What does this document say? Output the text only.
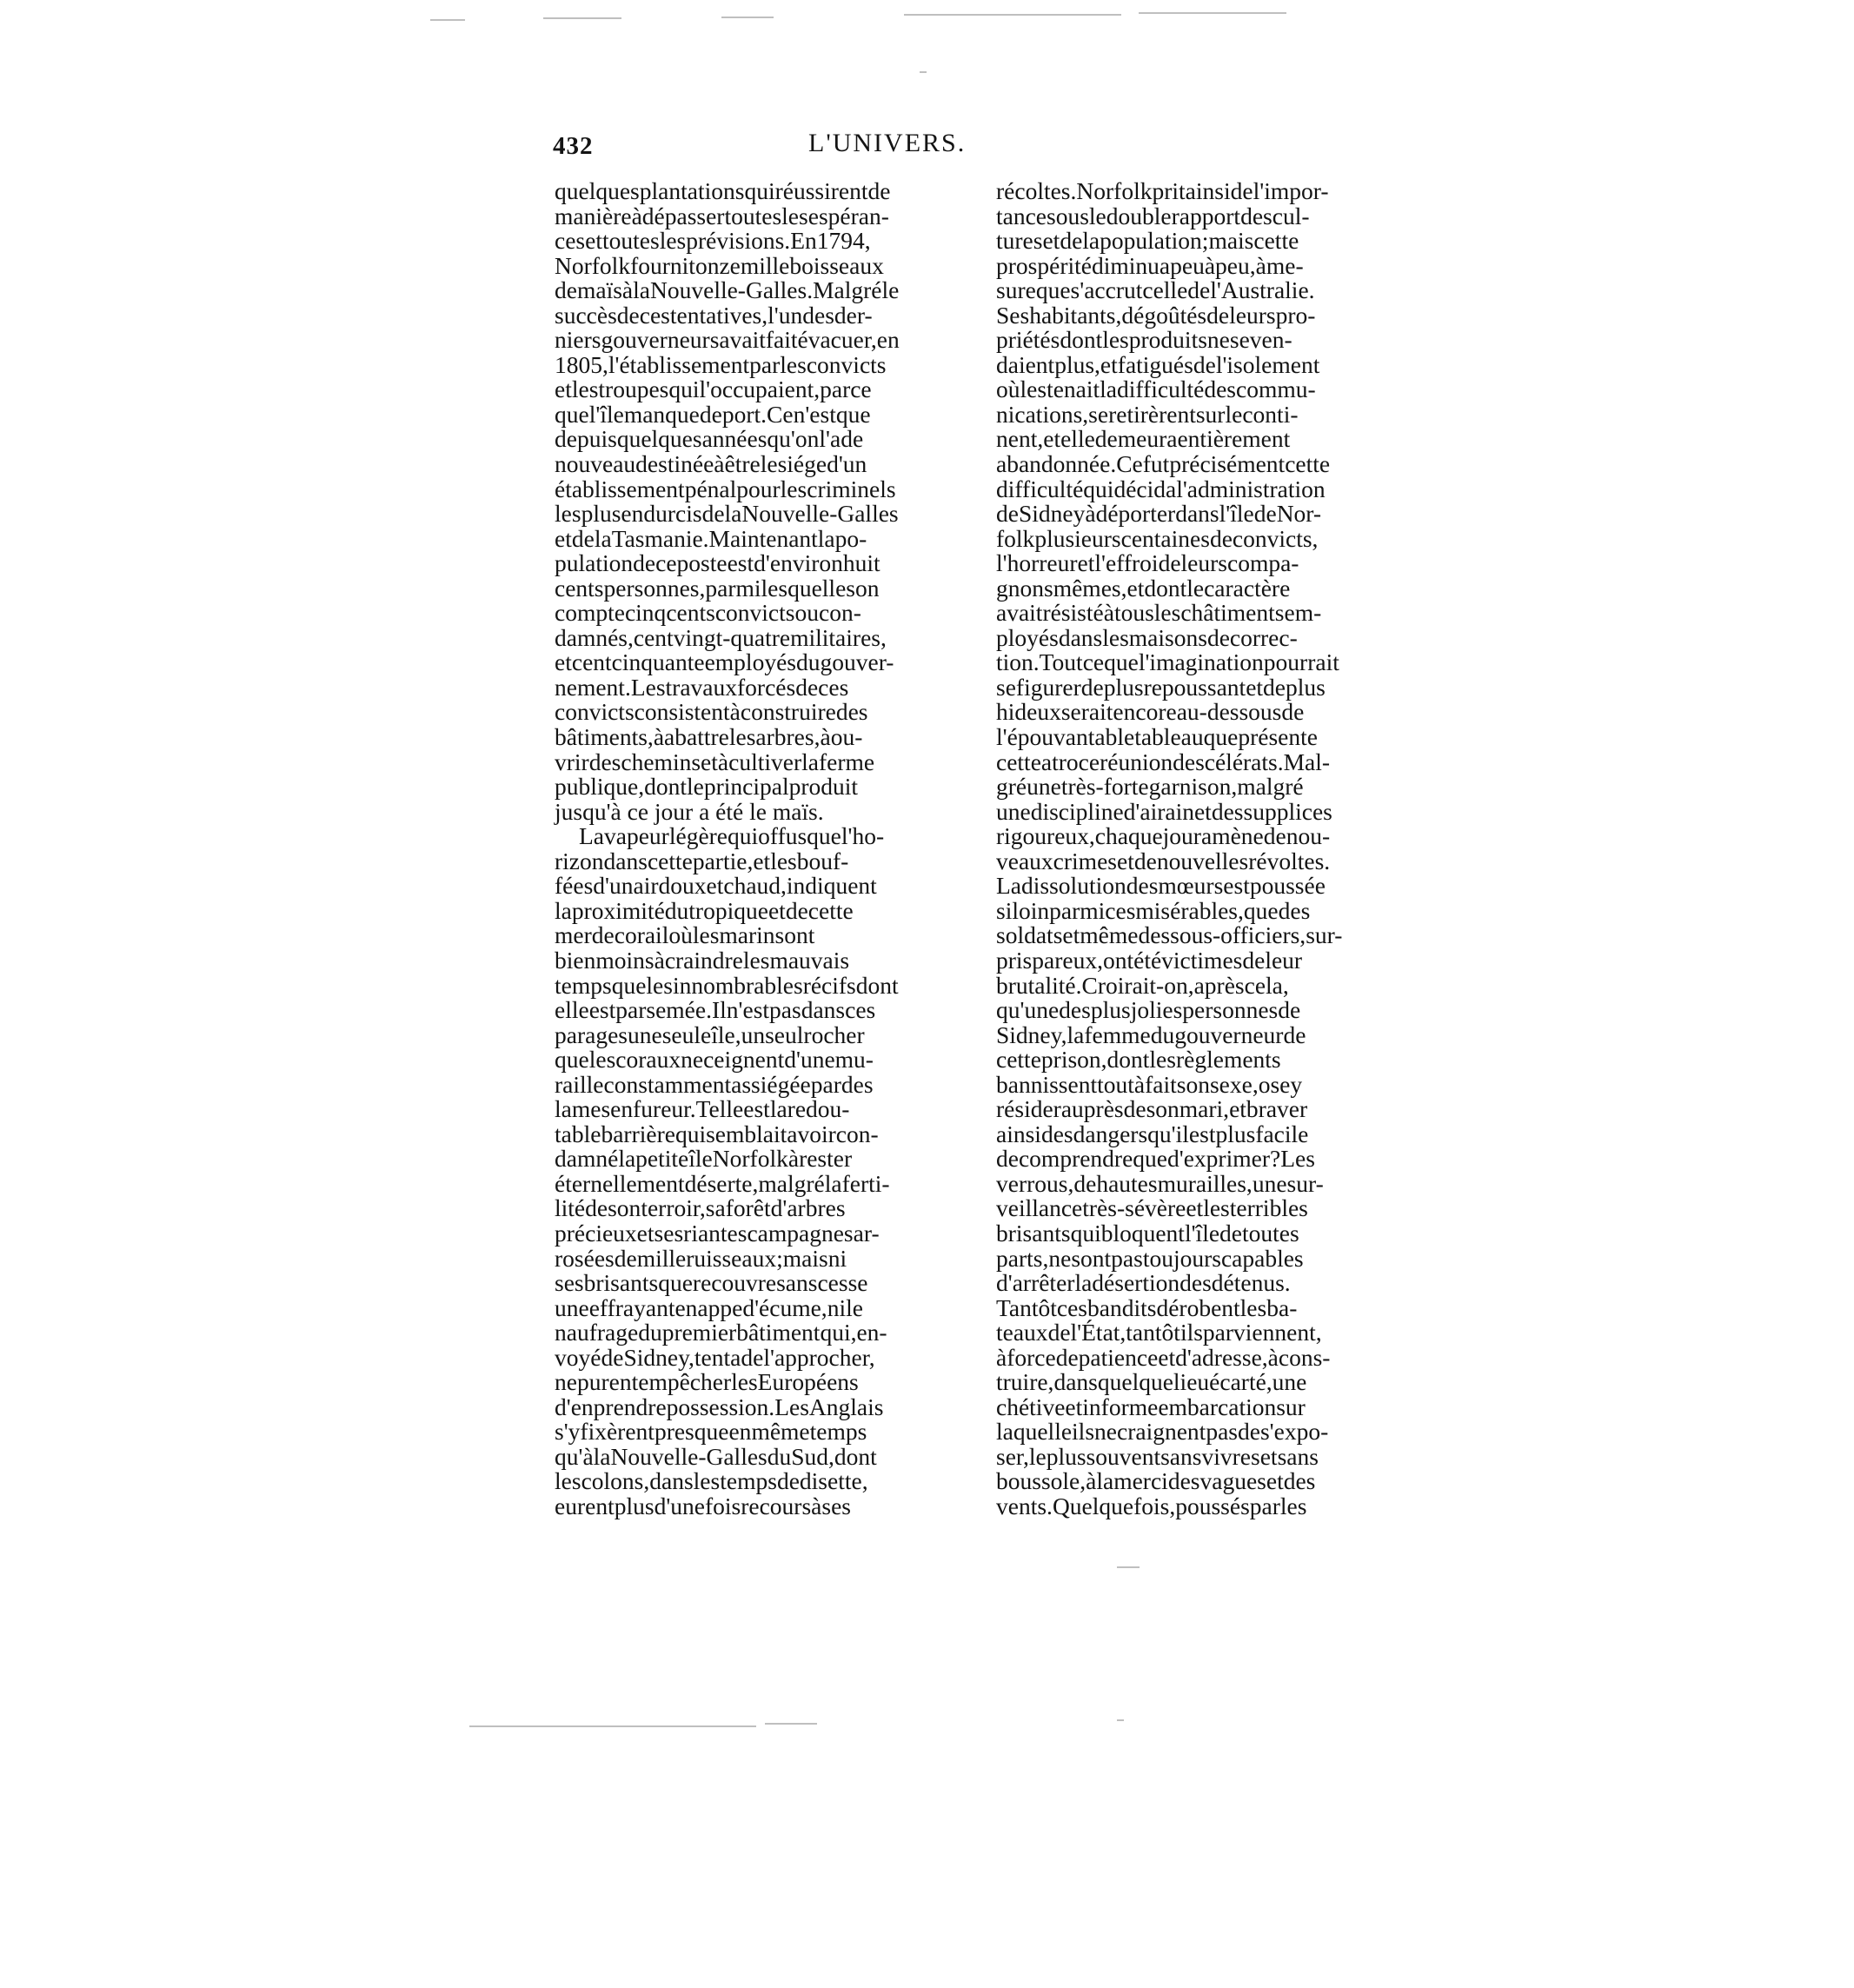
432	L'UNIVERS.
quelquesplantationsquiréussirentde
manièreàdépassertouteslesespéran-
cesettouteslesprévisions.En1794,
Norfolkfournitonzemilleboisseaux
demaïsàlaNouvelle-Galles.Malgréle
succèsdecestentatives,l'undesder-
niersgouverneursavaitfaitévacuer,en
1805,l'établissementparlesconvicts
etlestroupesquil'occupaient,parce
quel'îlemanquedeport.Cen'estque
depuisquelquesannéesqu'onl'ade
nouveaudestinéeàêtrelesiéged'un
établissementpénalpourlescriminels
lesplusendurcisdelaNouvelle-Galles
etdelaTasmanie.Maintenantlapo-
pulationdeceposteestd'environhuit
centspersonnes,parmilesquelleson
comptecinqcentsconvictsoucon-
damnés,centvingt-quatremilitaires,
etcentcinquanteemployésdugouver-
nement.Lestravauxforcésdeces
convictsconsistentàconstruiredes
bâtiments,àabattrelesarbres,àou-
vrirdescheminsetàcultiverlaferme
publique,dontleprincipalproduit
jusqu'à ce jour a été le maïs.
Lavapeurlégèrequioffusquel'ho-
rizondanscettepartie,etlesbouf-
féesd'unairdouxetchaud,indiquent
laproximitédutropiqueetdecette
merdecorailoùlesmarinsont
bienmoinsàcraindrelesmauvais
tempsquelesinnombrablesrécifsdont
elleestparsemée.Iln'estpasdansces
paragesuneseuleîle,unseulrocher
quelescorauxneceignentd'unemu-
railleconstammentassiégéepardes
lamesenfureur.Telleestlaredou-
tablebarrièrequisemblaitavoircon-
damnélapetiteîleNorfolkàrester
éternellementdéserte,malgrélaferti-
litédesonterroir,saforêtd'arbres
précieuxetsesriantescampagnesar-
roséesdemilleruisseaux;maisni
sesbrisantsquerecouvresanscesse
uneeffrayantenapped'écume,nile
naufragedupremierbâtimentqui,en-
voyédeSidney,tentadel'approcher,
nepurentempêcherlesEuropéens
d'enprendrepossession.LesAnglais
s'yfixèrentpresqueenmêmetemps
qu'àlaNouvelle-GallesduSud,dont
lescolons,danslestempsdedisette,
eurentplusd'unefoisrecoursàses
récoltes.Norfolkpritainsidel'impor-
tancesousledoublerapportdescul-
turesetdelapopulation;maiscette
prospéritédiminuapeuàpeu,àme-
sureques'accrutcelledel'Australie.
Seshabitants,dégoûtésdeleurspro-
priétésdontlesproduitsneseven-
daientplus,etfatiguésdel'isolement
oùlestenaitladifficultédescommu-
nications,seretirèrentsurleconti-
nent,etelledemeuraentièrement
abandonnée.Cefutprécisémentcette
difficultéquidécidal'administration
deSidneyàdéporterdansl'îledeNor-
folkplusieurscentainesdeconvicts,
l'horreuretl'effroideleurscompa-
gnonsmêmes,etdontlecaractère
avaitrésistéàtousleschâtimentsem-
ployésdanslesmaisonsdecorrec-
tion.Toutcequel'imaginationpourrait
sefigurerdeplusrepoussantetdeplus
hideuxseraitencoreau-dessousde
l'épouvantabletableauqueprésente
cetteatroceréuniondescélérats.Mal-
gréunetrès-fortegarnison,malgré
unedisciplined'airainetdessupplices
rigoureux,chaquejouramènedenou-
veauxcrimesetdenouvellesrévoltes.
Ladissolutiondesmœursestpoussée
siloinparmicesmisérables,quedes
soldatsetmêmedessous-officiers,sur-
prispareux,ontétévictimesdeleur
brutalité.Croirait-on,aprèscela,
qu'unedesplusjoliespersonnesde
Sidney,lafemmedugouverneurde
cetteprison,dontlesrèglements
bannissenttoutàfaitsonsexe,osey
résiderauprèsdesonmari,etbraver
ainsidesdangersqu'ilestplusfacile
decomprendrequed'exprimer?Les
verrous,dehautesmurailles,unesur-
veillancetrès-sévèreetlesterribles
brisantsquibloquentl'îledetoutes
parts,nesontpastoujourscapables
d'arrêterladésertiondesdétenus.
Tantôtcesbanditsdérobentlesba-
teauxdel'État,tantôtilsparviennent,
àforcedepatienceetd'adresse,àcons-
truire,dansquelquelieuécarté,une
chétiveetinformeembarcationsur
laquelleilsnecraignentpasdes'expo-
ser,leplussouventsansvivresetsans
boussole,àlamercidesvaguesetdes
vents.Quelquefois,poussésparles
